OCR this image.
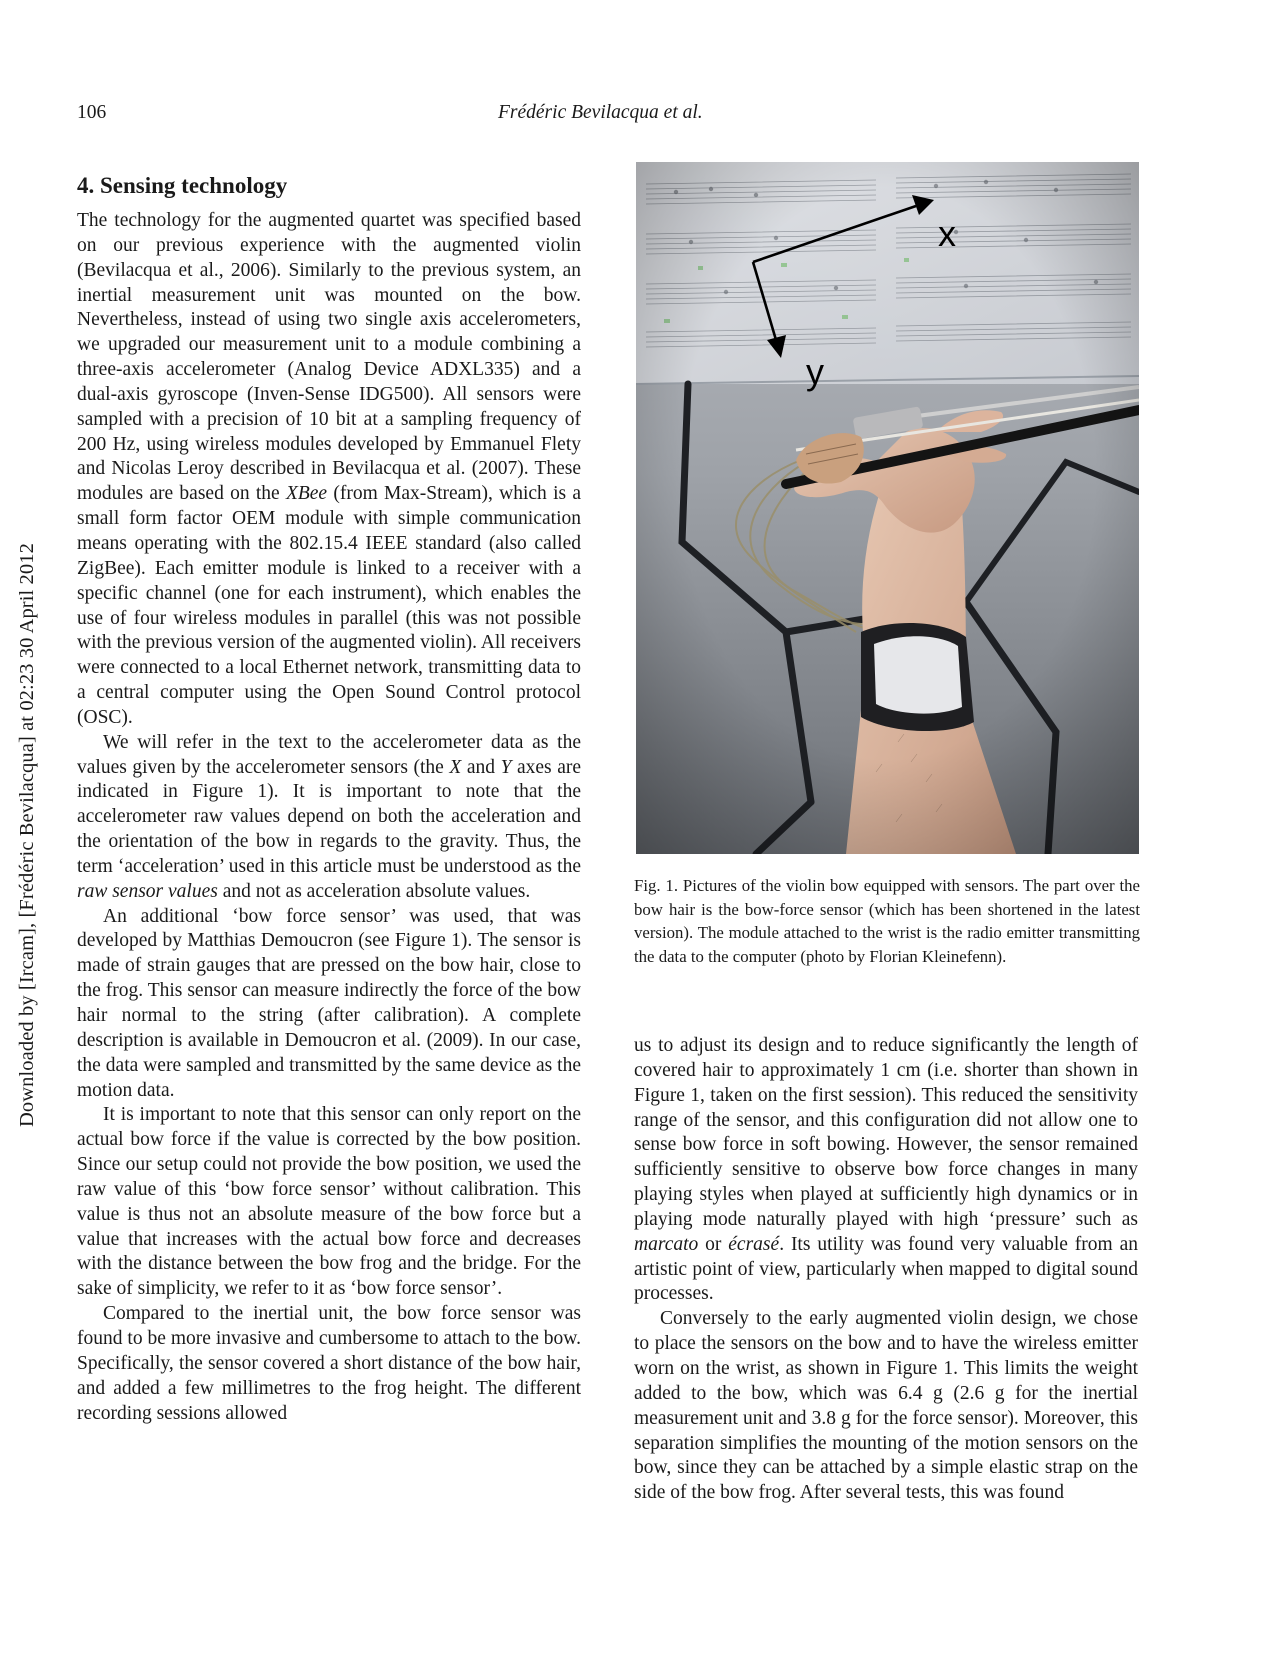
Downloaded by [Ircam], [Frédéric Bevilacqua] at 02:23 30 April 2012
106	Frédéric Bevilacqua et al.
4. Sensing technology

The technology for the augmented quartet was specified based on our previous experience with the augmented violin (Bevilacqua et al., 2006). Similarly to the previous system, an inertial measurement unit was mounted on the bow. Nevertheless, instead of using two single axis accelerometers, we upgraded our measurement unit to a module combining a three-axis accelerometer (Analog Device ADXL335) and a dual-axis gyroscope (Inven-Sense IDG500). All sensors were sampled with a precision of 10 bit at a sampling frequency of 200 Hz, using wireless modules developed by Emmanuel Flety and Nicolas Leroy described in Bevilacqua et al. (2007). These modules are based on the XBee (from Max-Stream), which is a small form factor OEM module with simple communication means operating with the 802.15.4 IEEE standard (also called ZigBee). Each emitter module is linked to a receiver with a specific channel (one for each instrument), which enables the use of four wireless modules in parallel (this was not possible with the previous version of the augmented violin). All receivers were connected to a local Ethernet network, transmitting data to a central computer using the Open Sound Control protocol (OSC).

We will refer in the text to the accelerometer data as the values given by the accelerometer sensors (the X and Y axes are indicated in Figure 1). It is important to note that the accelerometer raw values depend on both the acceleration and the orientation of the bow in regards to the gravity. Thus, the term ‘acceleration’ used in this article must be understood as the raw sensor values and not as acceleration absolute values.

An additional ‘bow force sensor’ was used, that was developed by Matthias Demoucron (see Figure 1). The sensor is made of strain gauges that are pressed on the bow hair, close to the frog. This sensor can measure indirectly the force of the bow hair normal to the string (after calibration). A complete description is available in Demoucron et al. (2009). In our case, the data were sampled and transmitted by the same device as the motion data.

It is important to note that this sensor can only report on the actual bow force if the value is corrected by the bow position. Since our setup could not provide the bow position, we used the raw value of this ‘bow force sensor’ without calibration. This value is thus not an absolute measure of the bow force but a value that increases with the actual bow force and decreases with the distance between the bow frog and the bridge. For the sake of simplicity, we refer to it as ‘bow force sensor’.

Compared to the inertial unit, the bow force sensor was found to be more invasive and cumbersome to attach to the bow. Specifically, the sensor covered a short distance of the bow hair, and added a few millimetres to the frog height. The different recording sessions allowed

x
y
Fig. 1. Pictures of the violin bow equipped with sensors. The part over the bow hair is the bow-force sensor (which has been shortened in the latest version). The module attached to the wrist is the radio emitter transmitting the data to the computer (photo by Florian Kleinefenn).

us to adjust its design and to reduce significantly the length of covered hair to approximately 1 cm (i.e. shorter than shown in Figure 1, taken on the first session). This reduced the sensitivity range of the sensor, and this configuration did not allow one to sense bow force in soft bowing. However, the sensor remained sufficiently sensitive to observe bow force changes in many playing styles when played at sufficiently high dynamics or in playing mode naturally played with high ‘pressure’ such as marcato or écrasé. Its utility was found very valuable from an artistic point of view, particularly when mapped to digital sound processes.

Conversely to the early augmented violin design, we chose to place the sensors on the bow and to have the wireless emitter worn on the wrist, as shown in Figure 1. This limits the weight added to the bow, which was 6.4 g (2.6 g for the inertial measurement unit and 3.8 g for the force sensor). Moreover, this separation simplifies the mounting of the motion sensors on the bow, since they can be attached by a simple elastic strap on the side of the bow frog. After several tests, this was found
